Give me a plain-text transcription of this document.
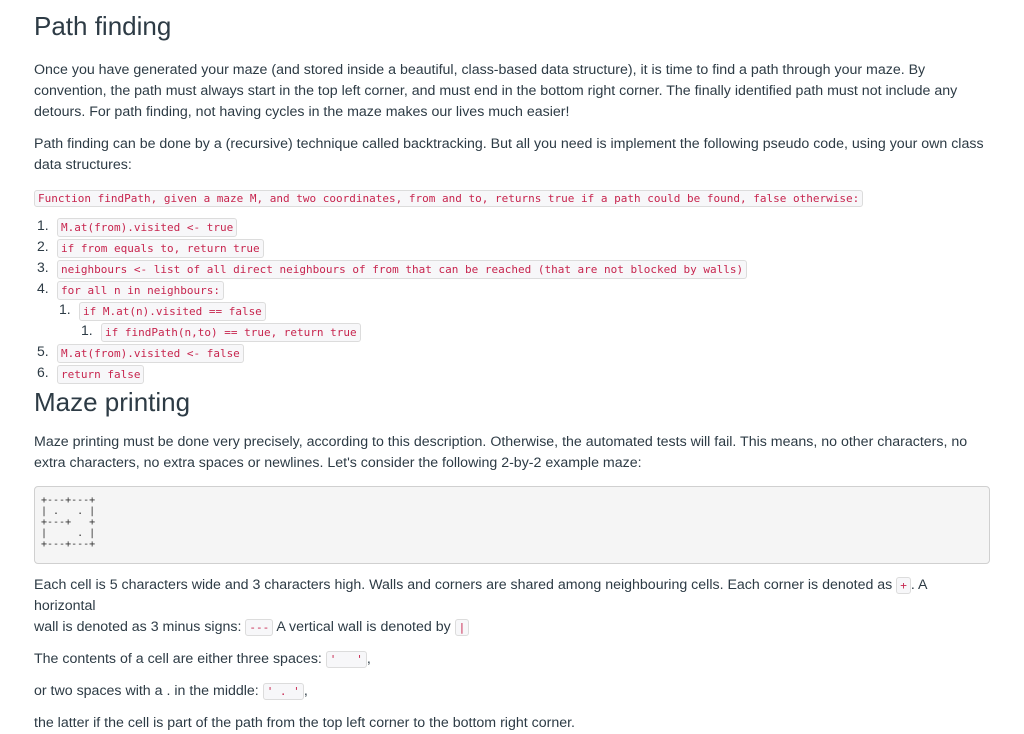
Path finding

Once you have generated your maze (and stored inside a beautiful, class-based data structure), it is time to find a path through your maze. By convention, the path must always start in the top left corner, and must end in the bottom right corner. The finally identified path must not include any detours. For path finding, not having cycles in the maze makes our lives much easier!

Path finding can be done by a (recursive) technique called backtracking. But all you need is implement the following pseudo code, using your own class data structures:

Function findPath, given a maze M, and two coordinates, from and to, returns true if a path could be found, false otherwise:
1.	M.at(from).visited <- true
2.	if from equals to, return true
3.	neighbours <- list of all direct neighbours of from that can be reached (that are not blocked by walls)
4.	for all n in neighbours:
1.	if M.at(n).visited == false
1.	if findPath(n,to) == true, return true
5.	M.at(from).visited <- false
6.	return false
Maze printing

Maze printing must be done very precisely, according to this description. Otherwise, the automated tests will fail. This means, no other characters, no extra characters, no extra spaces or newlines. Let's consider the following 2-by-2 example maze:

+---+---+
| .   . |
+---+   +
|     . |
+---+---+

Each cell is 5 characters wide and 3 characters high. Walls and corners are shared among neighbouring cells. Each corner is denoted as + . A horizontal
wall is denoted as 3 minus signs: --- A vertical wall is denoted by |

The contents of a cell are either three spaces: '   ' ,

or two spaces with a . in the middle: ' . ' ,

the latter if the cell is part of the path from the top left corner to the bottom right corner.
